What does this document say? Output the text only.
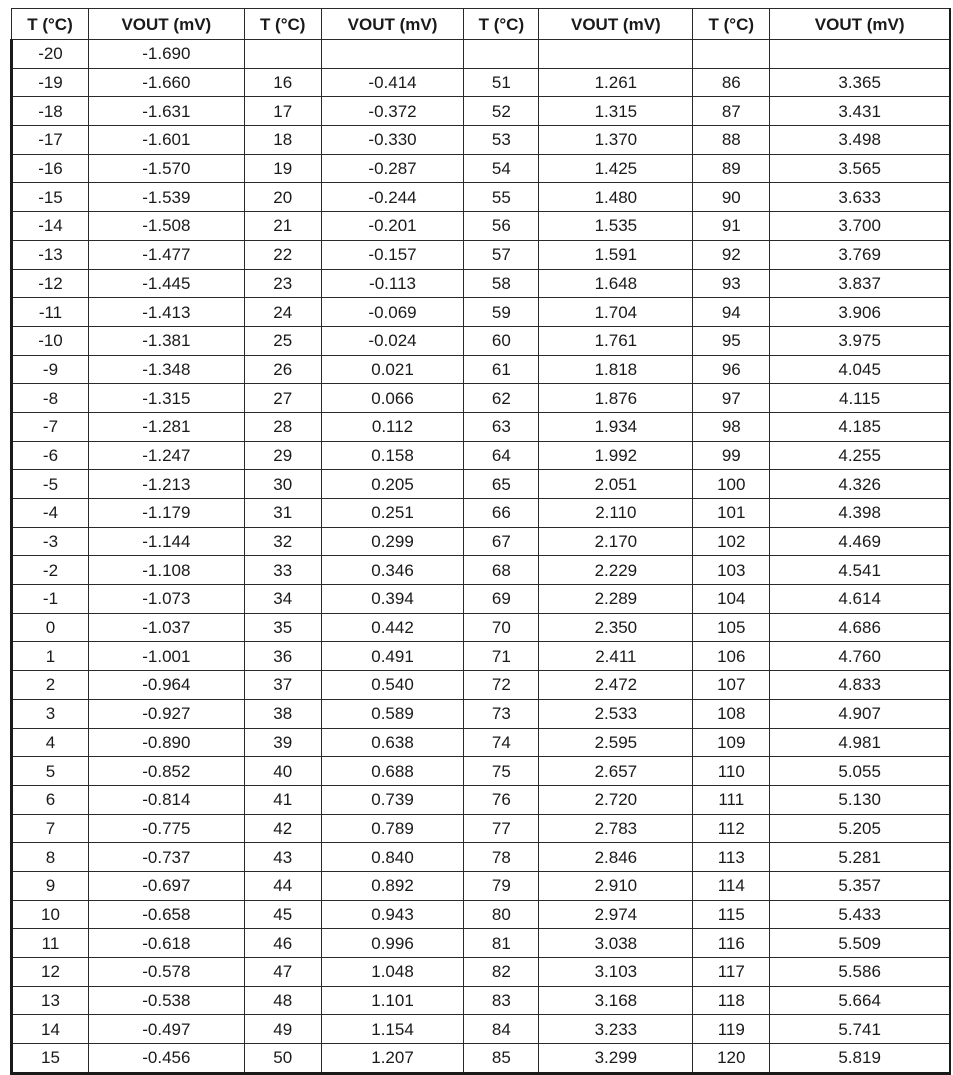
T (°C)	VOUT (mV)	T (°C)	VOUT (mV)	T (°C)	VOUT (mV)	T (°C)	VOUT (mV)
-20	-1.690						
-19	-1.660	16	-0.414	51	1.261	86	3.365
-18	-1.631	17	-0.372	52	1.315	87	3.431
-17	-1.601	18	-0.330	53	1.370	88	3.498
-16	-1.570	19	-0.287	54	1.425	89	3.565
-15	-1.539	20	-0.244	55	1.480	90	3.633
-14	-1.508	21	-0.201	56	1.535	91	3.700
-13	-1.477	22	-0.157	57	1.591	92	3.769
-12	-1.445	23	-0.113	58	1.648	93	3.837
-11	-1.413	24	-0.069	59	1.704	94	3.906
-10	-1.381	25	-0.024	60	1.761	95	3.975
-9	-1.348	26	0.021	61	1.818	96	4.045
-8	-1.315	27	0.066	62	1.876	97	4.115
-7	-1.281	28	0.112	63	1.934	98	4.185
-6	-1.247	29	0.158	64	1.992	99	4.255
-5	-1.213	30	0.205	65	2.051	100	4.326
-4	-1.179	31	0.251	66	2.110	101	4.398
-3	-1.144	32	0.299	67	2.170	102	4.469
-2	-1.108	33	0.346	68	2.229	103	4.541
-1	-1.073	34	0.394	69	2.289	104	4.614
0	-1.037	35	0.442	70	2.350	105	4.686
1	-1.001	36	0.491	71	2.411	106	4.760
2	-0.964	37	0.540	72	2.472	107	4.833
3	-0.927	38	0.589	73	2.533	108	4.907
4	-0.890	39	0.638	74	2.595	109	4.981
5	-0.852	40	0.688	75	2.657	110	5.055
6	-0.814	41	0.739	76	2.720	111	5.130
7	-0.775	42	0.789	77	2.783	112	5.205
8	-0.737	43	0.840	78	2.846	113	5.281
9	-0.697	44	0.892	79	2.910	114	5.357
10	-0.658	45	0.943	80	2.974	115	5.433
11	-0.618	46	0.996	81	3.038	116	5.509
12	-0.578	47	1.048	82	3.103	117	5.586
13	-0.538	48	1.101	83	3.168	118	5.664
14	-0.497	49	1.154	84	3.233	119	5.741
15	-0.456	50	1.207	85	3.299	120	5.819
